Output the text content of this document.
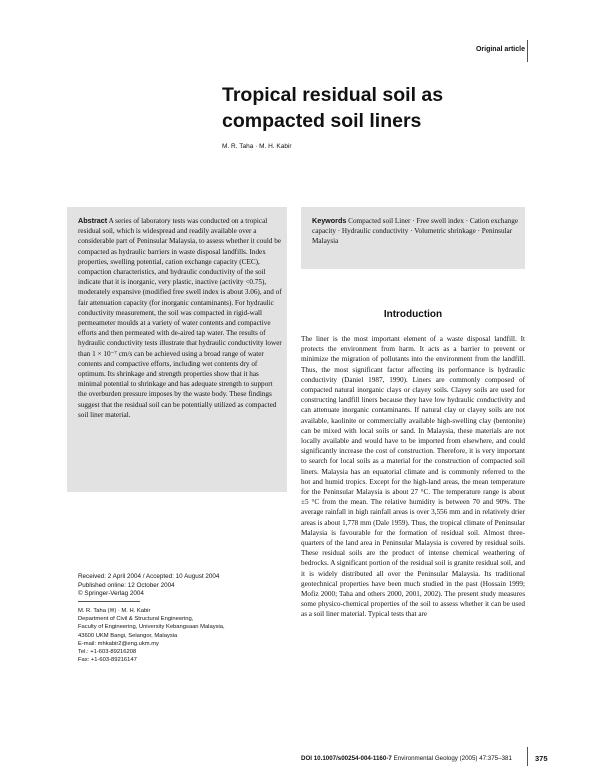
Original article
Tropical residual soil as compacted soil liners
M. R. Taha · M. H. Kabir

Abstract A series of laboratory tests was conducted on a tropical residual soil, which is widespread and readily available over a considerable part of Peninsular Malaysia, to assess whether it could be compacted as hydraulic barriers in waste disposal landfills. Index properties, swelling potential, cation exchange capacity (CEC), compaction characteristics, and hydraulic conductivity of the soil indicate that it is inorganic, very plastic, inactive (activity <0.75), moderately expansive (modified free swell index is about 3.06), and of fair attenuation capacity (for inorganic contaminants). For hydraulic conductivity measurement, the soil was compacted in rigid-wall permeameter moulds at a variety of water contents and compactive efforts and then permeated with de-aired tap water. The results of hydraulic conductivity tests illustrate that hydraulic conductivity lower than 1 × 10⁻⁷ cm/s can be achieved using a broad range of water contents and compactive efforts, including wet contents dry of optimum. Its shrinkage and strength properties show that it has minimal potential to shrinkage and has adequate strength to support the overburden pressure imposes by the waste body. These findings suggest that the residual soil can be potentially utilized as compacted soil liner material.

Keywords Compacted soil Liner · Free swell index · Cation exchange capacity · Hydraulic conductivity · Volumetric shrinkage · Peninsular Malaysia

Introduction

The liner is the most important element of a waste disposal landfill. It protects the environment from harm. It acts as a barrier to prevent or minimize the migration of pollutants into the environment from the landfill. Thus, the most significant factor affecting its performance is hydraulic conductivity (Daniel 1987, 1990). Liners are commonly composed of compacted natural inorganic clays or clayey soils. Clayey soils are used for constructing landfill liners because they have low hydraulic conductivity and can attenuate inorganic contaminants. If natural clay or clayey soils are not available, kaolinite or commercially available high-swelling clay (bentonite) can be mixed with local soils or sand. In Malaysia, these materials are not locally available and would have to be imported from elsewhere, and could significantly increase the cost of construction. Therefore, it is very important to search for local soils as a material for the construction of compacted soil liners. Malaysia has an equatorial climate and is commonly referred to the hot and humid tropics. Except for the high-land areas, the mean temperature for the Peninsular Malaysia is about 27 °C. The temperature range is about ±5 °C from the mean. The relative humidity is between 70 and 90%. The average rainfall in high rainfall areas is over 3,556 mm and in relatively drier areas is about 1,778 mm (Dale 1959). Thus, the tropical climate of Peninsular Malaysia is favourable for the formation of residual soil. Almost three-quarters of the land area in Peninsular Malaysia is covered by residual soils. These residual soils are the product of intense chemical weathering of bedrocks. A significant portion of the residual soil is granite residual soil, and it is widely distributed all over the Peninsular Malaysia. Its traditional geotechnical properties have been much studied in the past (Hossain 1999; Mofiz 2000; Taha and others 2000, 2001, 2002). The present study measures some physico-chemical properties of the soil to assess whether it can be used as a soil liner material. Typical tests that are

Received: 2 April 2004 / Accepted: 10 August 2004
Published online: 12 October 2004
© Springer-Verlag 2004
M. R. Taha (✉) · M. H. Kabir
Department of Civil & Structural Engineering,
Faculty of Engineering, University Kebangsaan Malaysia,
43600 UKM Bangi, Selangor, Malaysia
E-mail: mhkabir2@eng.ukm.my
Tel.: +1-603-89216208
Fax: +1-603-89216147
DOI 10.1007/s00254-004-1160-7 Environmental Geology (2005) 47:375–381	375
